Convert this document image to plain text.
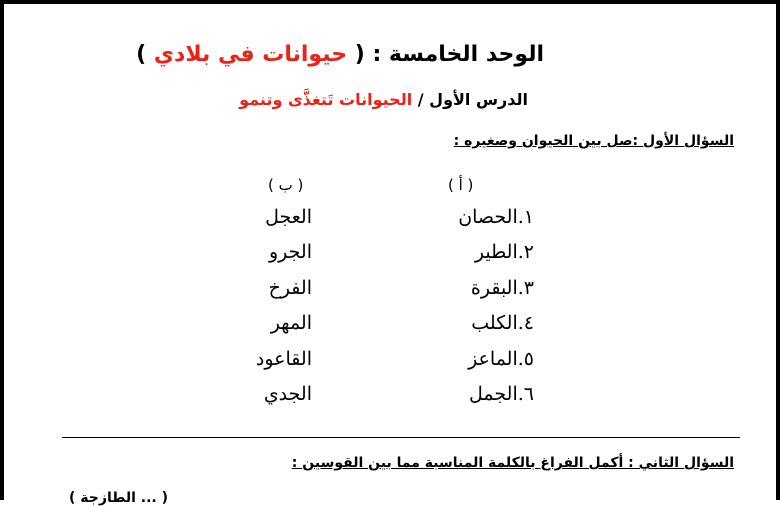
الوحد الخامسة : ( حيوانات في بلادي )
الدرس الأول / الحيوانات تَتغذَّى وتنمو
السؤال الأول :صل بين الحيوان وصغيره :
( أ )
( ب )
١.الحصان
٢.الطير
٣.البقرة
٤.الكلب
٥.الماعز
٦.الجمل
العجل
الجرو
الفرخ
المهر
القاعود
الجدي
السؤال الثاني : أكمل الفراغ بالكلمة المناسبة مما بين القوسين :
( ... الطازجة )
